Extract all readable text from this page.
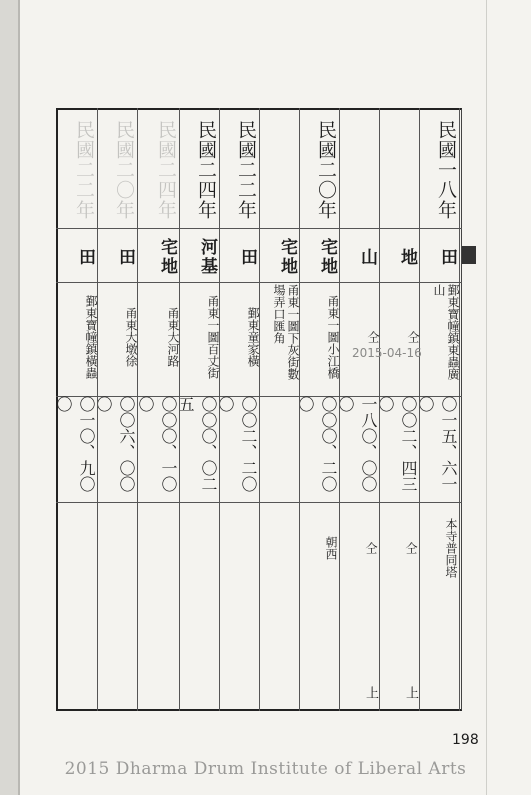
民國一八年
田
鄞東寶幢鎮東蟲廣山
〇一五、六一〇
本寺普同塔
地
仝
〇〇二、四三〇
仝
上
山
仝
一八〇、〇〇〇
仝
上
民國二〇年
宅地
甬東一圖小江橋
〇〇〇、二〇〇
朝西
宅地
甬東一圖下灰街數場弄口匯角
民國二二年
田
鄞東童家橫
〇〇二、二〇〇
民國二四年
河基
甬東一圖百丈街
〇〇〇、〇二五
民國二四年
宅地
甬東大河路
〇〇〇、一〇〇
民國二〇年
田
甬東大墩徐
〇〇六、〇〇〇
民國二二年
田
鄞東寶幢鎮橫蟲
〇一〇、九〇〇
2015-04-16
198
2015 Dharma Drum Institute of Liberal Arts
